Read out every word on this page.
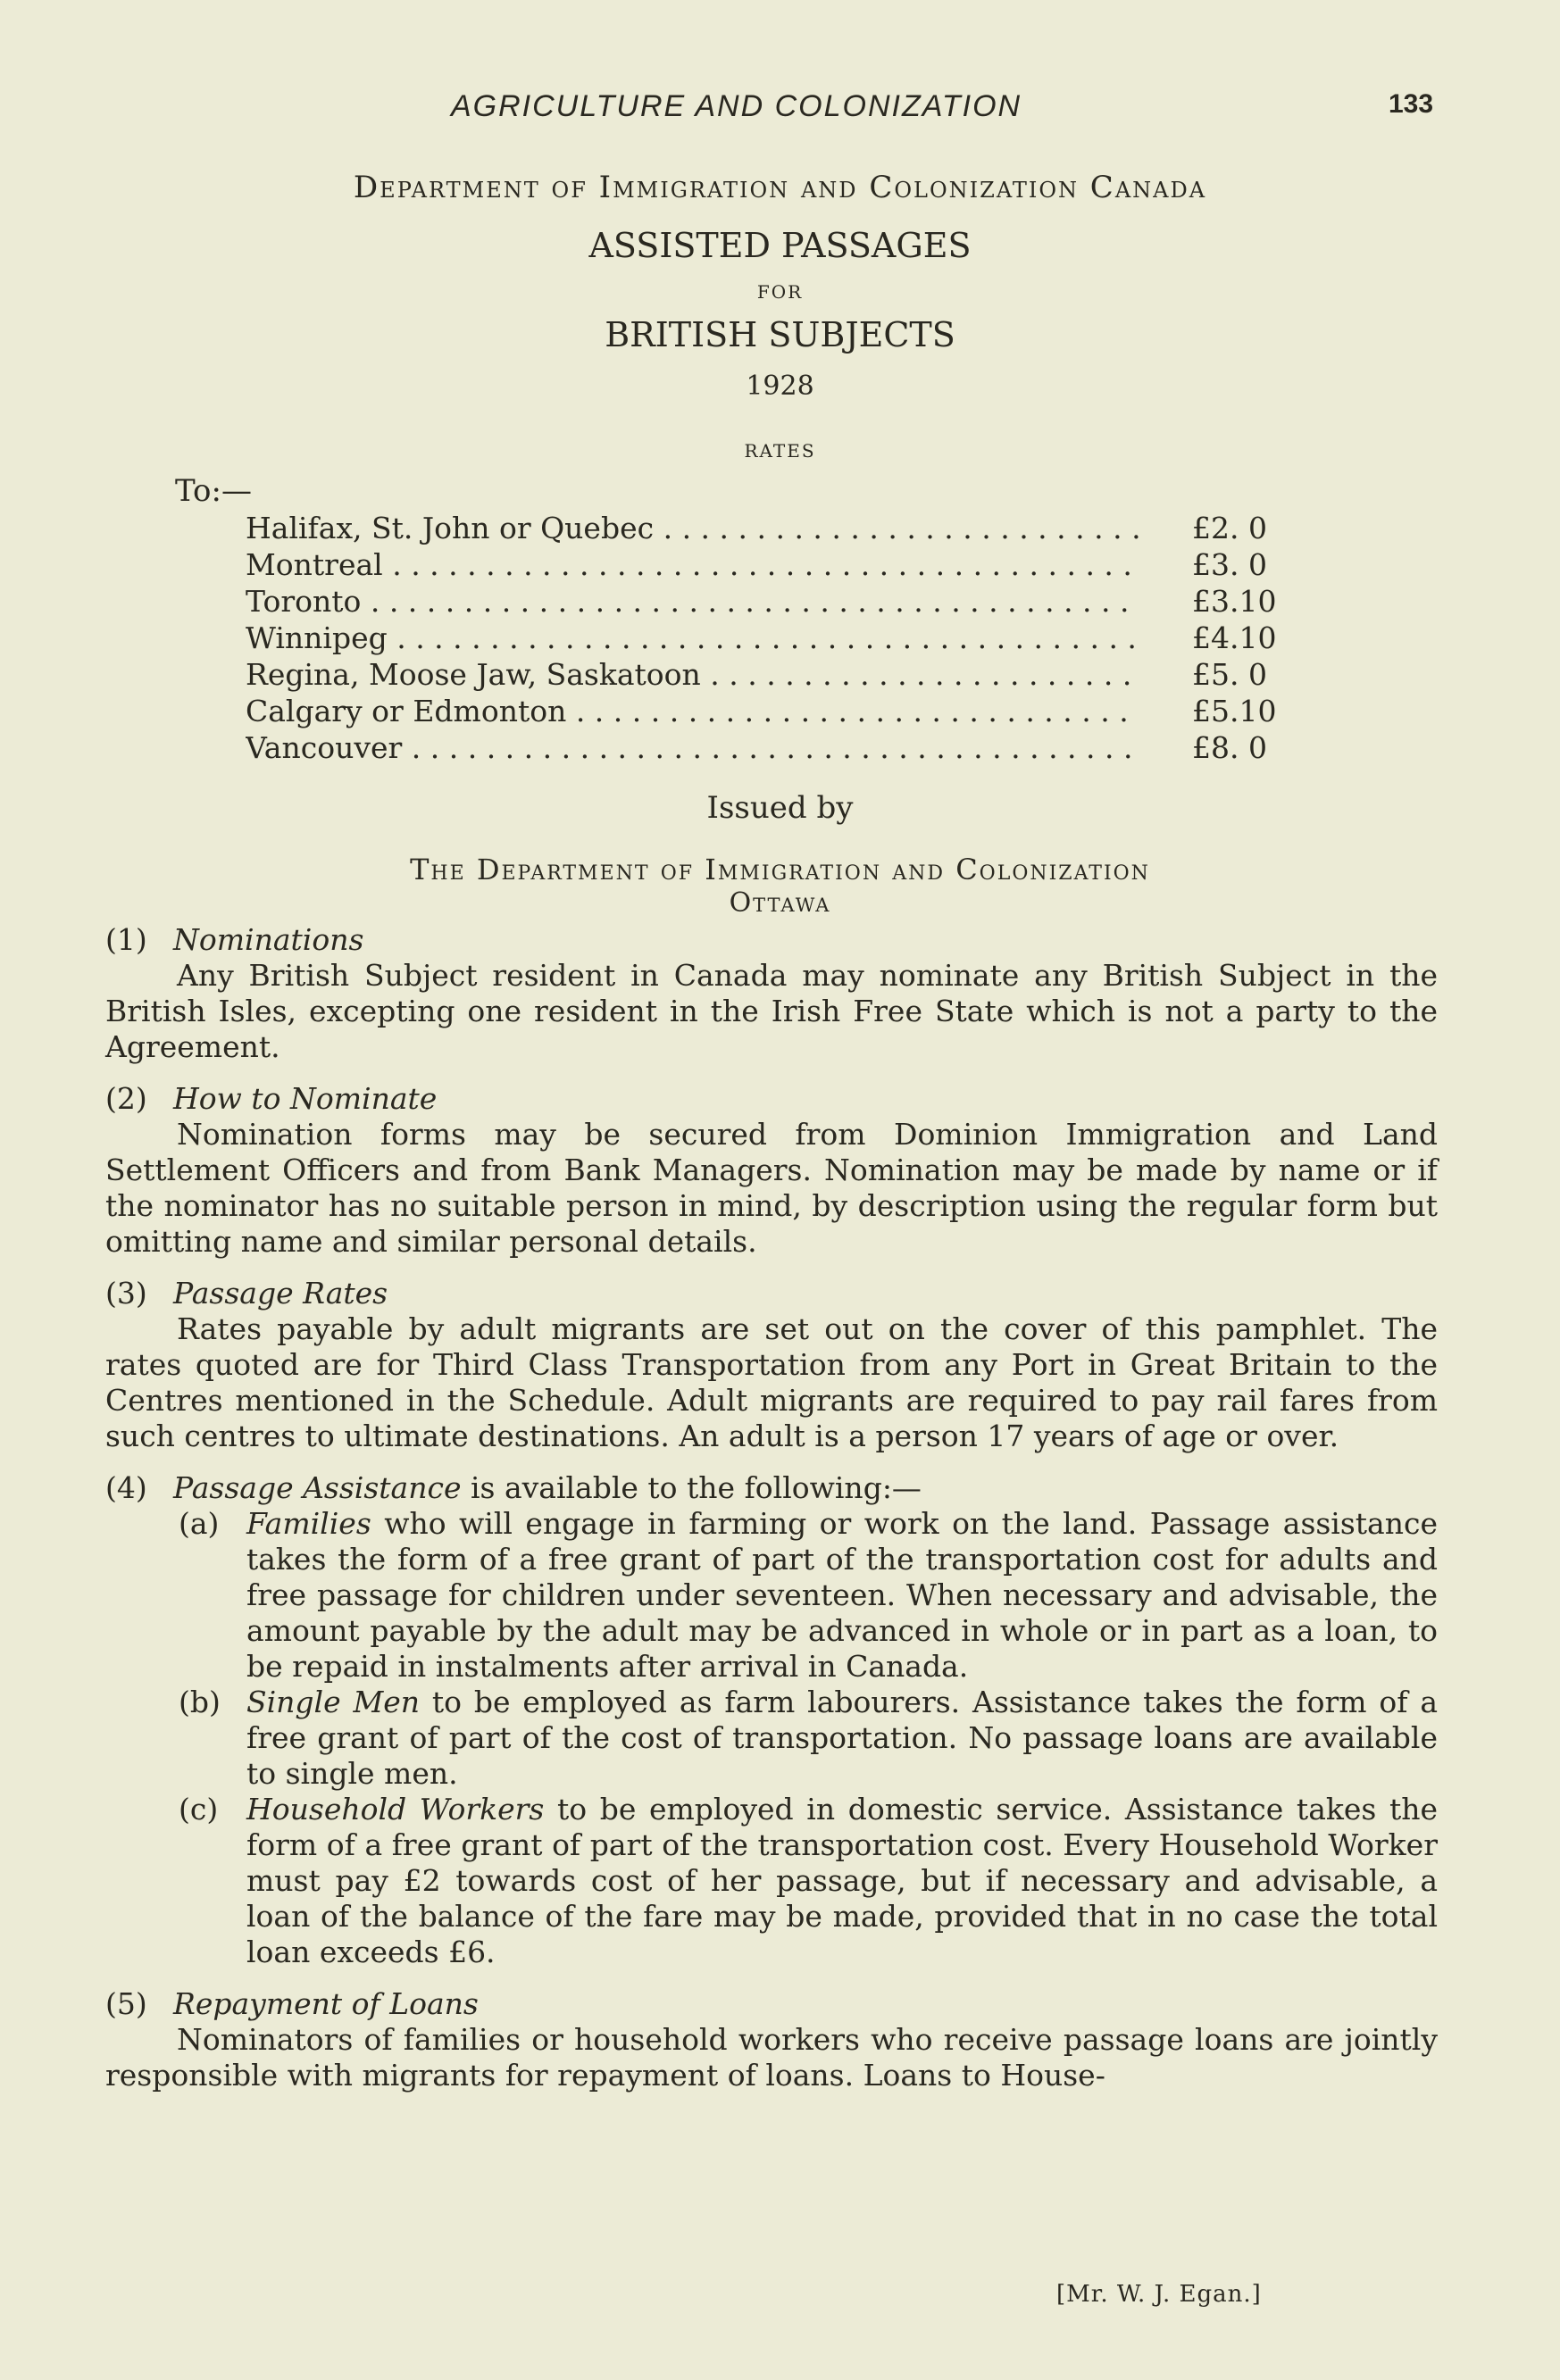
AGRICULTURE AND COLONIZATION	133
Department of Immigration and Colonization Canada
ASSISTED PASSAGES
FOR
BRITISH SUBJECTS
1928
RATES
To:—
Halifax, St. John or Quebec . . .	£2. 0
Montreal . . .	£3. 0
Toronto . . .	£3.10
Winnipeg . . .	£4.10
Regina, Moose Jaw, Saskatoon . . .	£5. 0
Calgary or Edmonton . . .	£5.10
Vancouver . . .	£8. 0
Issued by
The Department of Immigration and Colonization
Ottawa
(1) Nominations

Any British Subject resident in Canada may nominate any British Subject in the British Isles, excepting one resident in the Irish Free State which is not a party to the Agreement.

(2) How to Nominate

Nomination forms may be secured from Dominion Immigration and Land Settlement Officers and from Bank Managers. Nomination may be made by name or if the nominator has no suitable person in mind, by description using the regular form but omitting name and similar personal details.

(3) Passage Rates

Rates payable by adult migrants are set out on the cover of this pamphlet. The rates quoted are for Third Class Transportation from any Port in Great Britain to the Centres mentioned in the Schedule. Adult migrants are required to pay rail fares from such centres to ultimate destinations. An adult is a person 17 years of age or over.

(4) Passage Assistance is available to the following:—
(a) Families who will engage in farming or work on the land. Passage assistance takes the form of a free grant of part of the transportation cost for adults and free passage for children under seventeen. When necessary and advisable, the amount payable by the adult may be advanced in whole or in part as a loan, to be repaid in instalments after arrival in Canada.
(b) Single Men to be employed as farm labourers. Assistance takes the form of a free grant of part of the cost of transportation. No passage loans are available to single men.
(c) Household Workers to be employed in domestic service. Assistance takes the form of a free grant of part of the transportation cost. Every Household Worker must pay £2 towards cost of her passage, but if necessary and advisable, a loan of the balance of the fare may be made, provided that in no case the total loan exceeds £6.
(5) Repayment of Loans

Nominators of families or household workers who receive passage loans are jointly responsible with migrants for repayment of loans. Loans to House-

[Mr. W. J. Egan.]
